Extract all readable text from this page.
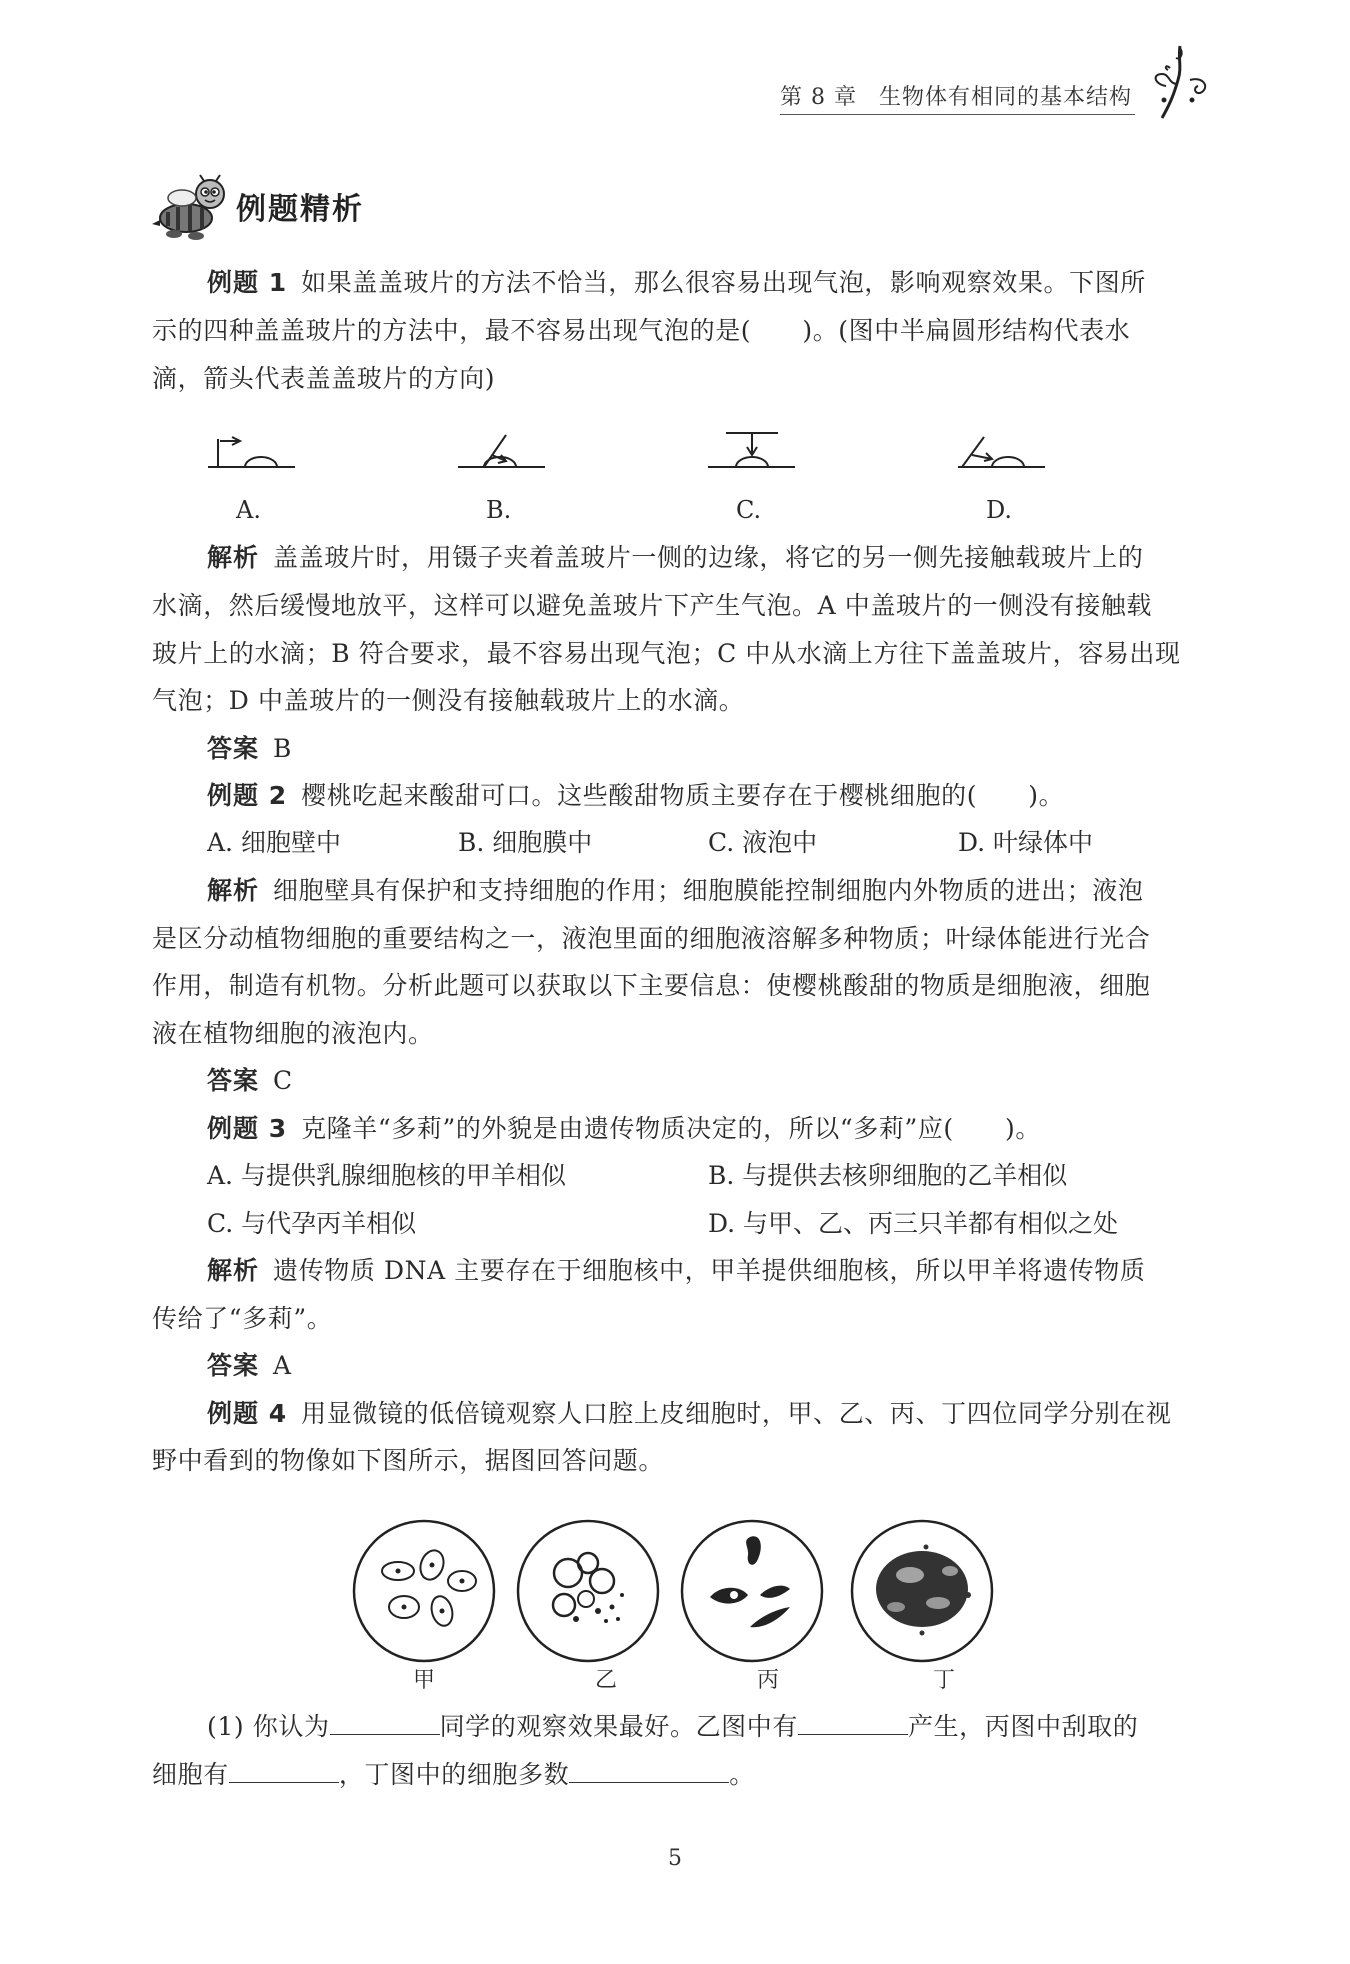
第 8 章 生物体有相同的基本结构
例题精析
例题 1 如果盖盖玻片的方法不恰当，那么很容易出现气泡，影响观察效果。下图所
示的四种盖盖玻片的方法中，最不容易出现气泡的是(　　)。(图中半扁圆形结构代表水
滴，箭头代表盖盖玻片的方向)
A.	B.	C.	D.
解析 盖盖玻片时，用镊子夹着盖玻片一侧的边缘，将它的另一侧先接触载玻片上的
水滴，然后缓慢地放平，这样可以避免盖玻片下产生气泡。A 中盖玻片的一侧没有接触载
玻片上的水滴；B 符合要求，最不容易出现气泡；C 中从水滴上方往下盖盖玻片，容易出现
气泡；D 中盖玻片的一侧没有接触载玻片上的水滴。
答案 B
例题 2 樱桃吃起来酸甜可口。这些酸甜物质主要存在于樱桃细胞的(　　)。
A. 细胞壁中	B. 细胞膜中	C. 液泡中	D. 叶绿体中
解析 细胞壁具有保护和支持细胞的作用；细胞膜能控制细胞内外物质的进出；液泡
是区分动植物细胞的重要结构之一，液泡里面的细胞液溶解多种物质；叶绿体能进行光合
作用，制造有机物。分析此题可以获取以下主要信息：使樱桃酸甜的物质是细胞液，细胞
液在植物细胞的液泡内。
答案 C
例题 3 克隆羊“多莉”的外貌是由遗传物质决定的，所以“多莉”应(　　)。
A. 与提供乳腺细胞核的甲羊相似	B. 与提供去核卵细胞的乙羊相似
C. 与代孕丙羊相似	D. 与甲、乙、丙三只羊都有相似之处
解析 遗传物质 DNA 主要存在于细胞核中，甲羊提供细胞核，所以甲羊将遗传物质
传给了“多莉”。
答案 A
例题 4 用显微镜的低倍镜观察人口腔上皮细胞时，甲、乙、丙、丁四位同学分别在视
野中看到的物像如下图所示，据图回答问题。
甲	乙	丙	丁
(1) 你认为	同学的观察效果最好。乙图中有	产生，丙图中刮取的
细胞有	，丁图中的细胞多数	。
5
